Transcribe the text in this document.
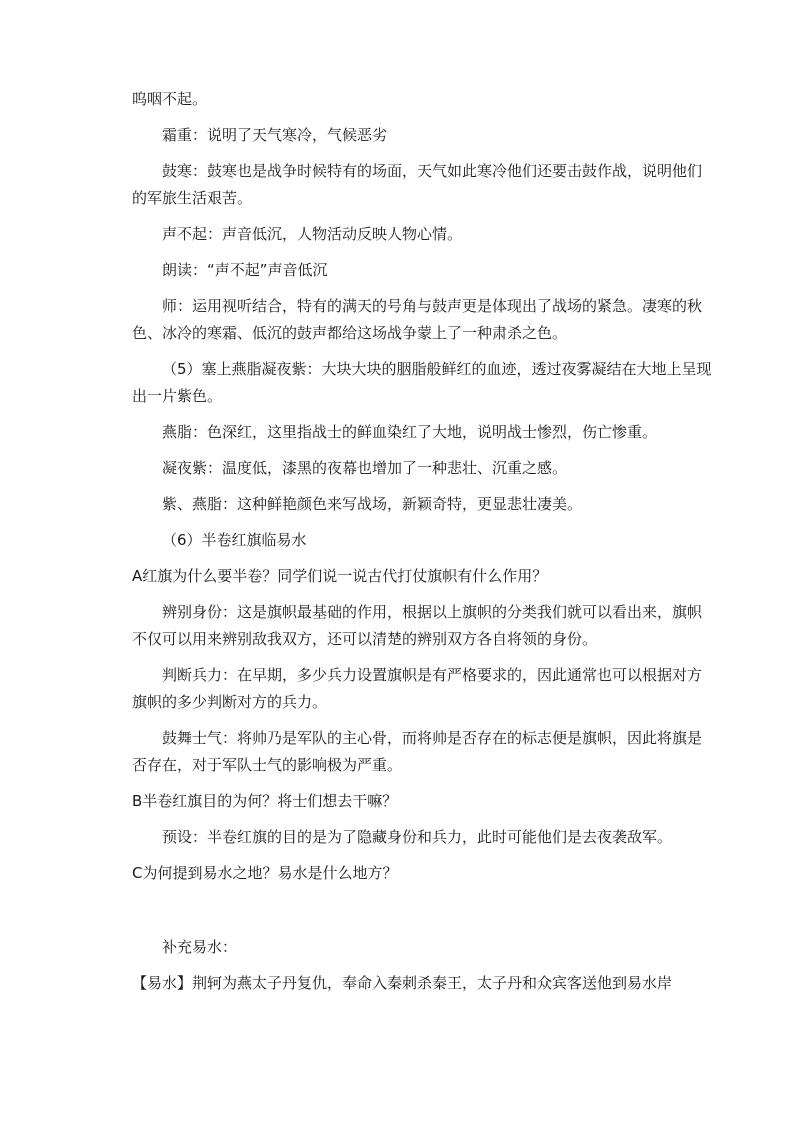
呜咽不起。

霜重：说明了天气寒冷，气候恶劣

鼓寒：鼓寒也是战争时候特有的场面，天气如此寒冷他们还要击鼓作战，说明他们的军旅生活艰苦。

声不起：声音低沉，人物活动反映人物心情。

朗读：“声不起”声音低沉

师：运用视听结合，特有的满天的号角与鼓声更是体现出了战场的紧急。凄寒的秋色、冰冷的寒霜、低沉的鼓声都给这场战争蒙上了一种肃杀之色。

（5）塞上燕脂凝夜紫：大块大块的胭脂般鲜红的血迹，透过夜雾凝结在大地上呈现出一片紫色。

燕脂：色深红，这里指战士的鲜血染红了大地，说明战士惨烈，伤亡惨重。

凝夜紫：温度低，漆黑的夜幕也增加了一种悲壮、沉重之感。

紫、燕脂：这种鲜艳颜色来写战场，新颖奇特，更显悲壮凄美。

（6）半卷红旗临易水

A红旗为什么要半卷？同学们说一说古代打仗旗帜有什么作用？

辨别身份：这是旗帜最基础的作用，根据以上旗帜的分类我们就可以看出来，旗帜不仅可以用来辨别敌我双方，还可以清楚的辨别双方各自将领的身份。

判断兵力：在早期，多少兵力设置旗帜是有严格要求的，因此通常也可以根据对方旗帜的多少判断对方的兵力。

鼓舞士气：将帅乃是军队的主心骨，而将帅是否存在的标志便是旗帜，因此将旗是否存在，对于军队士气的影响极为严重。

B半卷红旗目的为何？将士们想去干嘛？

预设：半卷红旗的目的是为了隐藏身份和兵力，此时可能他们是去夜袭敌军。

C为何提到易水之地？易水是什么地方？

补充易水：

【易水】荆轲为燕太子丹复仇，奉命入秦刺杀秦王，太子丹和众宾客送他到易水岸
